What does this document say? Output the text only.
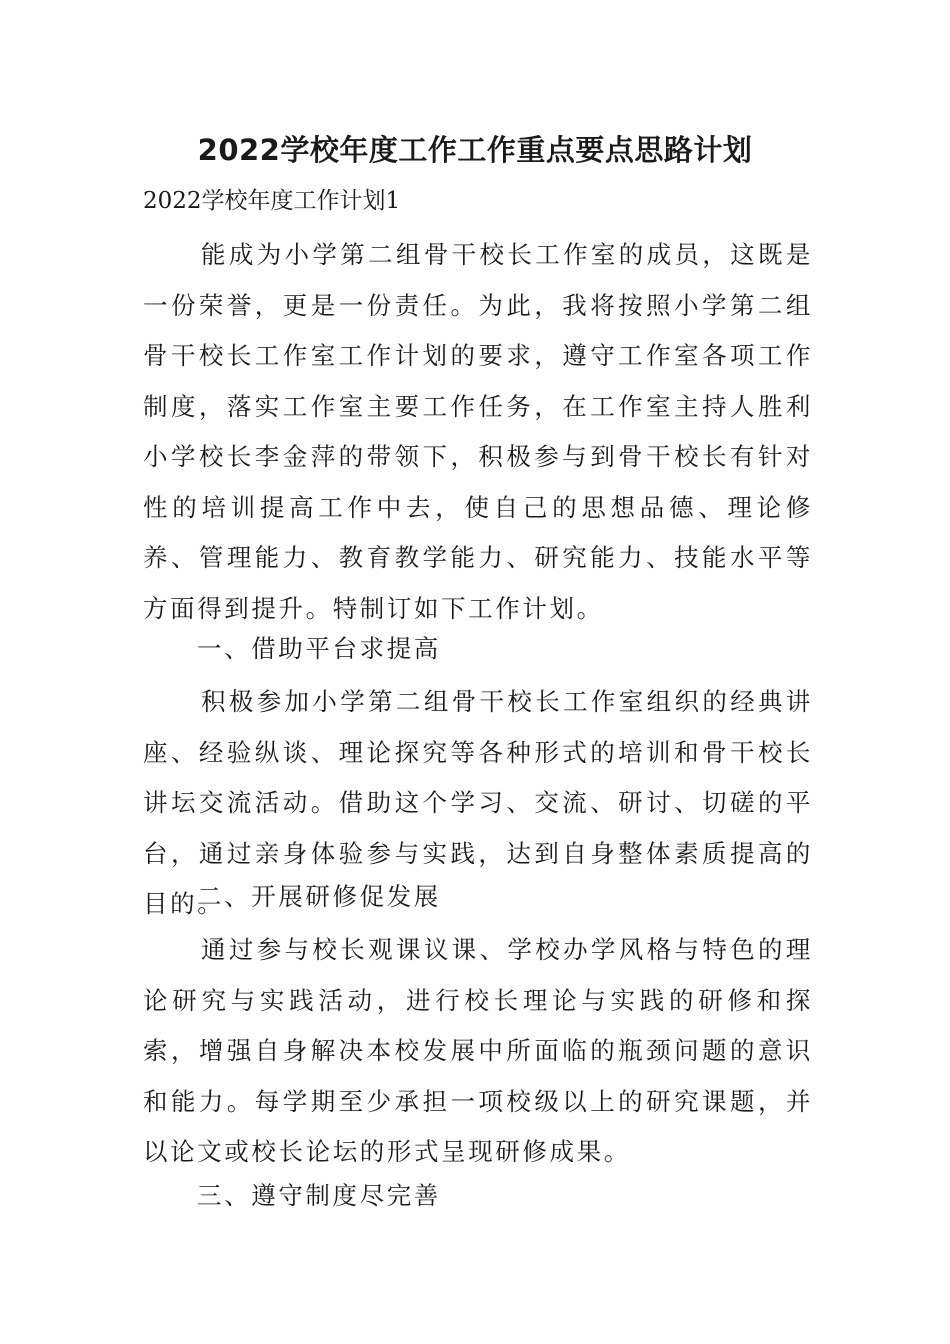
2022学校年度工作工作重点要点思路计划
2022学校年度工作计划1

能成为小学第二组骨干校长工作室的成员，这既是一份荣誉，更是一份责任。为此，我将按照小学第二组骨干校长工作室工作计划的要求，遵守工作室各项工作制度，落实工作室主要工作任务，在工作室主持人胜利小学校长李金萍的带领下，积极参与到骨干校长有针对性的培训提高工作中去，使自己的思想品德、理论修养、管理能力、教育教学能力、研究能力、技能水平等方面得到提升。特制订如下工作计划。

一、借助平台求提高

积极参加小学第二组骨干校长工作室组织的经典讲座、经验纵谈、理论探究等各种形式的培训和骨干校长讲坛交流活动。借助这个学习、交流、研讨、切磋的平台，通过亲身体验参与实践，达到自身整体素质提高的目的。

二、开展研修促发展

通过参与校长观课议课、学校办学风格与特色的理论研究与实践活动，进行校长理论与实践的研修和探索，增强自身解决本校发展中所面临的瓶颈问题的意识和能力。每学期至少承担一项校级以上的研究课题，并以论文或校长论坛的形式呈现研修成果。

三、遵守制度尽完善
